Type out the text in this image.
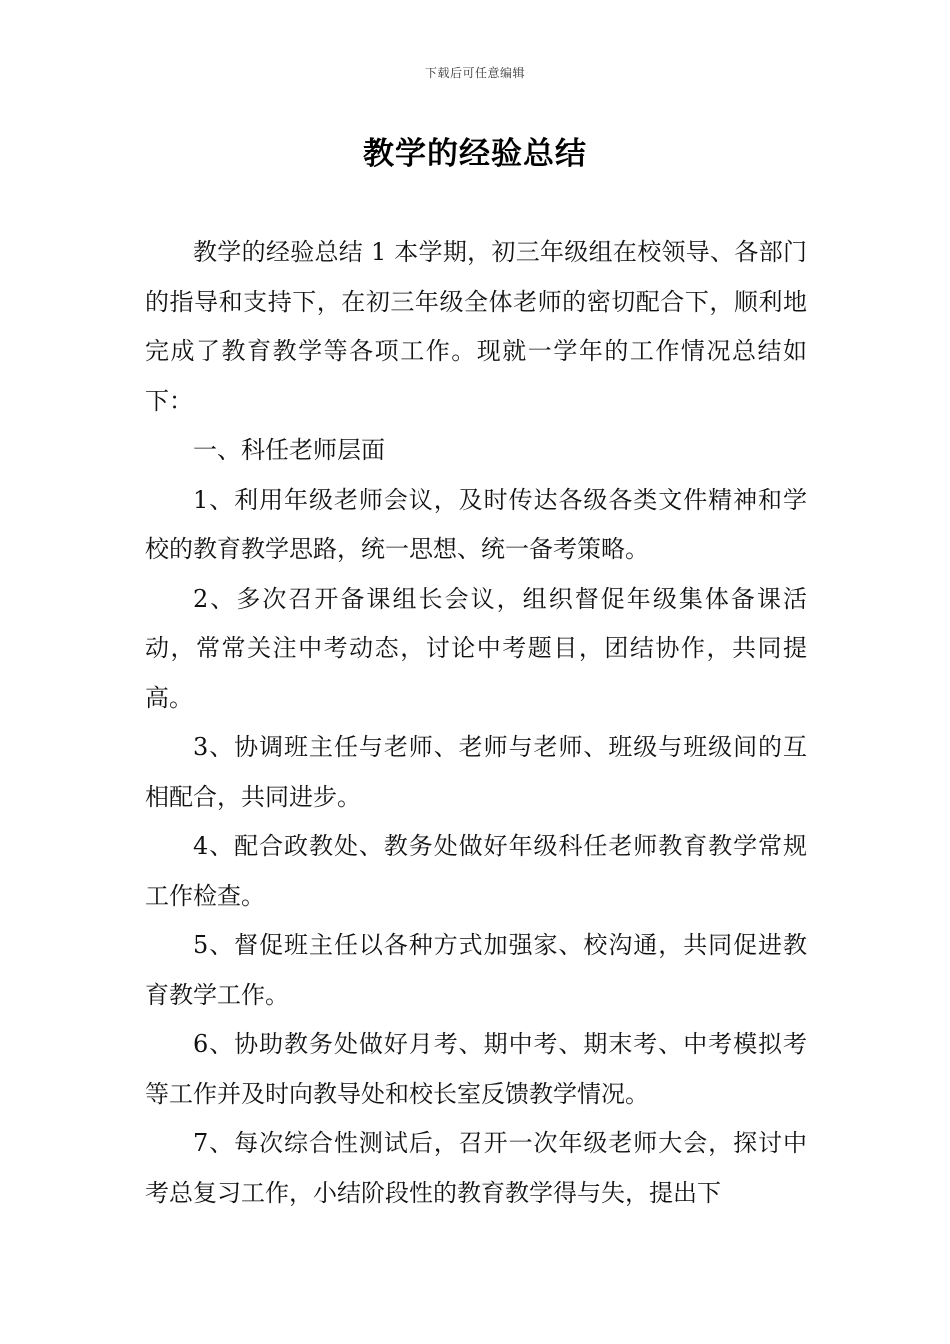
下载后可任意编辑
教学的经验总结

教学的经验总结 1 本学期，初三年级组在校领导、各部门的指导和支持下，在初三年级全体老师的密切配合下，顺利地完成了教育教学等各项工作。现就一学年的工作情况总结如下：

一、科任老师层面

1、利用年级老师会议，及时传达各级各类文件精神和学校的教育教学思路，统一思想、统一备考策略。

2、多次召开备课组长会议，组织督促年级集体备课活动，常常关注中考动态，讨论中考题目，团结协作，共同提高。

3、协调班主任与老师、老师与老师、班级与班级间的互相配合，共同进步。

4、配合政教处、教务处做好年级科任老师教育教学常规工作检查。

5、督促班主任以各种方式加强家、校沟通，共同促进教育教学工作。

6、协助教务处做好月考、期中考、期末考、中考模拟考等工作并及时向教导处和校长室反馈教学情况。

7、每次综合性测试后，召开一次年级老师大会，探讨中考总复习工作，小结阶段性的教育教学得与失，提出下
